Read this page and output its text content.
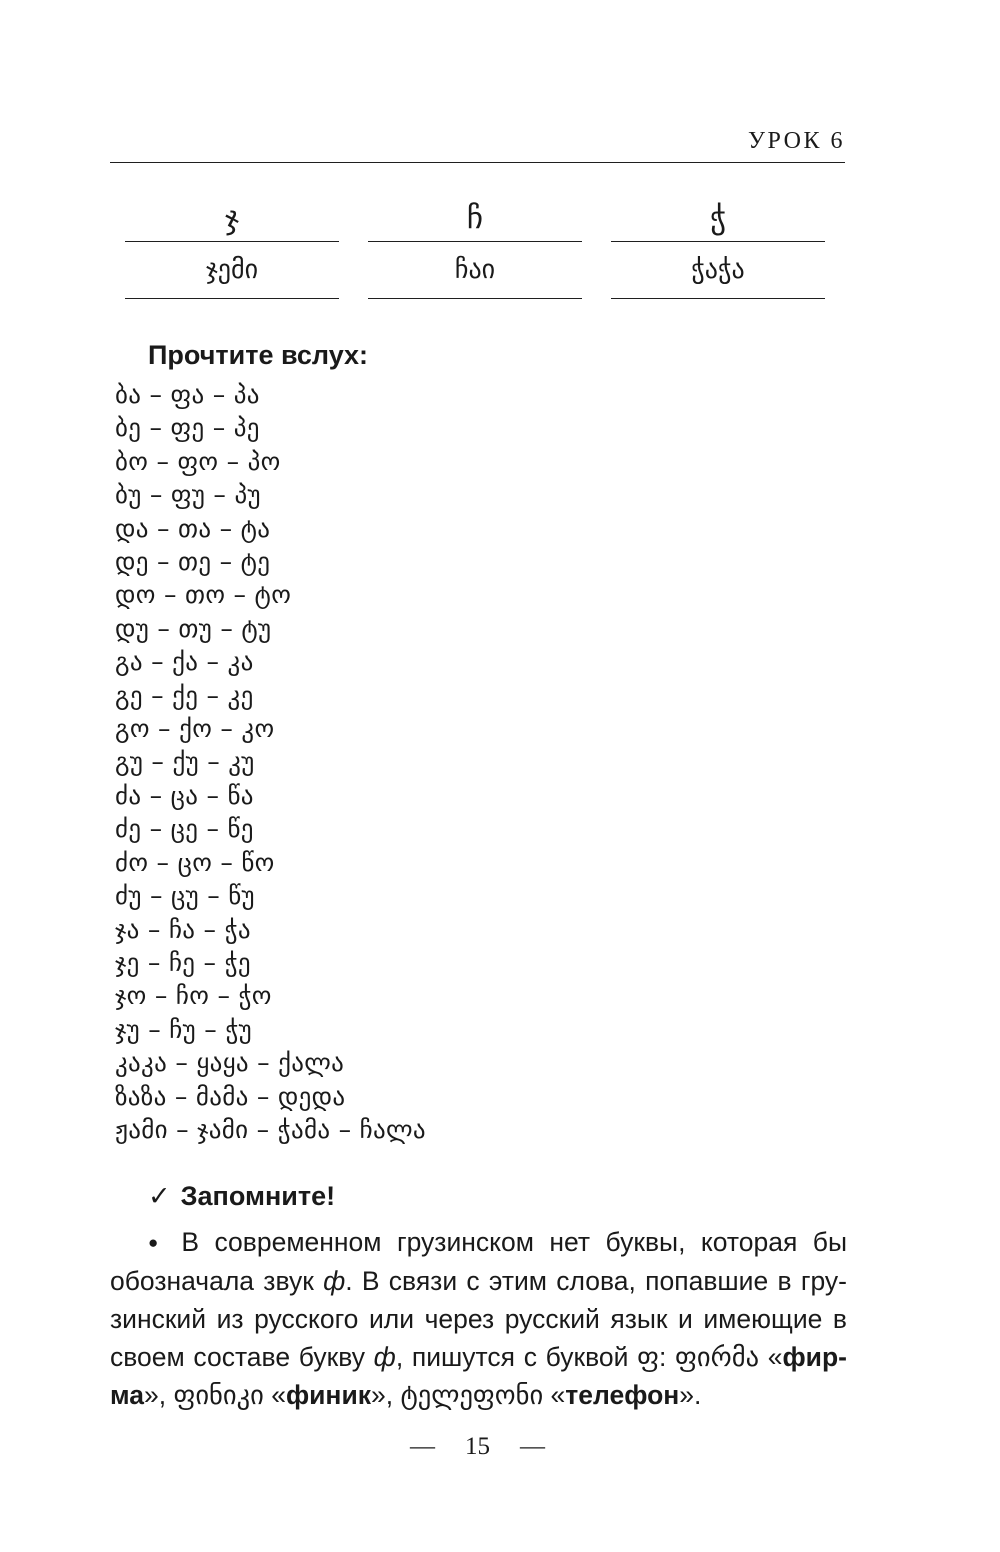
УРОК 6
ჯ
ჯემი
ჩ
ჩაი
ჭ
ჭაჭა
Прочтите вслух:
ბა – ფა – პა
ბე – ფე – პე
ბო – ფო – პო
ბუ – ფუ – პუ
და – თა – ტა
დე – თე – ტე
დო – თო – ტო
დუ – თუ – ტუ
გა – ქა – კა
გე – ქე – კე
გო – ქო – კო
გუ – ქუ – კუ
ძა – ცა – წა
ძე – ცე – წე
ძო – ცო – წო
ძუ – ცუ – წუ
ჯა – ჩა – ჭა
ჯე – ჩე – ჭე
ჯო – ჩო – ჭო
ჯუ – ჩუ – ჭუ
კაკა – ყაყა – ქალა
ზაზა – მამა – დედა
ჟამი – ჯამი – ჭამა – ჩალა
✓ Запомните!
● В современном грузинском нет буквы, которая бы
обозначала звук ф. В связи с этим слова, попавшие в гру-
зинский из русского или через русский язык и имеющие в
своем составе букву ф, пишутся с буквой ფ: ფირმა «фир-
ма», ფინიკი «финик», ტელეფონი «телефон».
— 15 —
